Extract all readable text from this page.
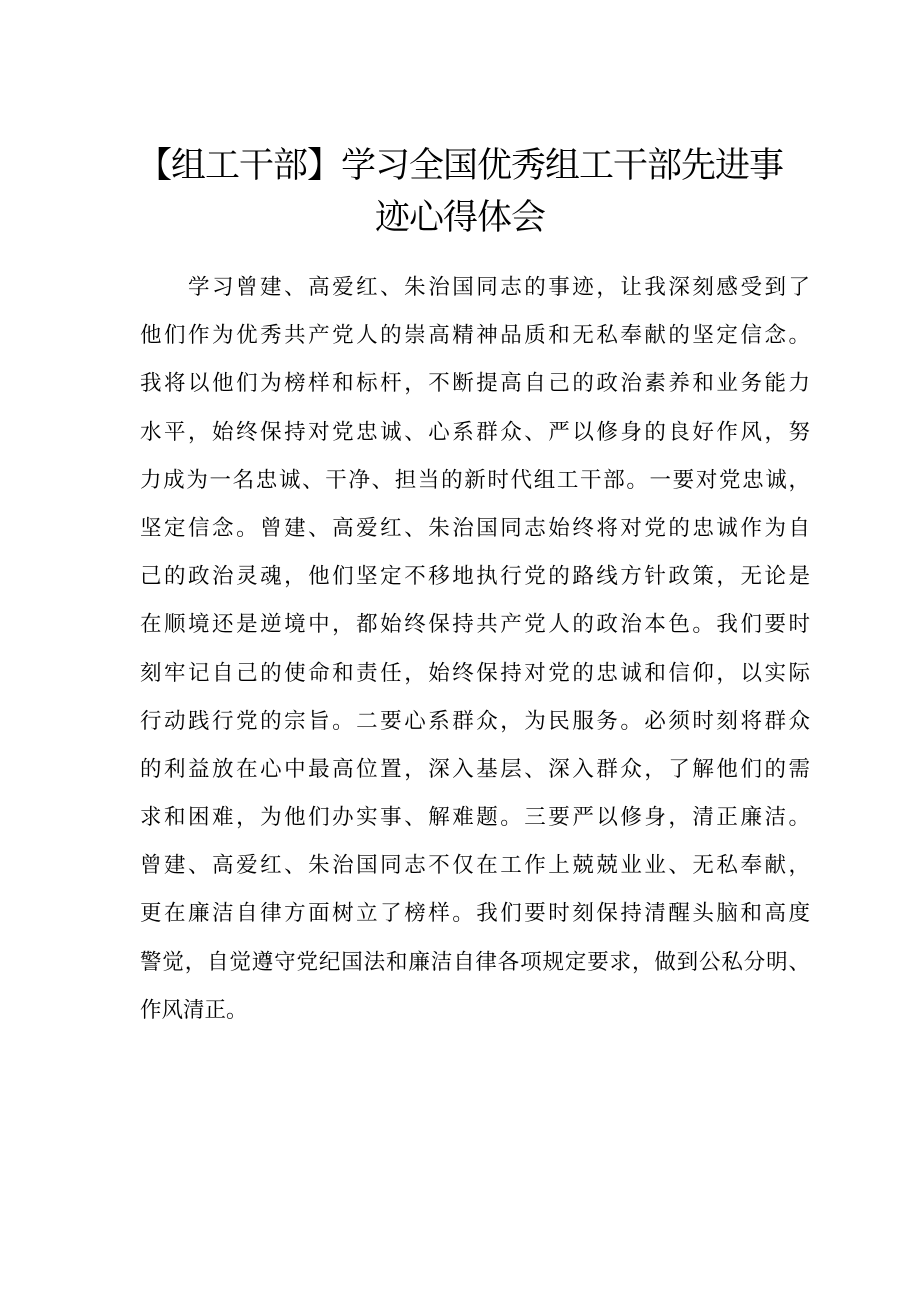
【组工干部】学习全国优秀组工干部先进事
迹心得体会
学习曾建、高爱红、朱治国同志的事迹，让我深刻感受到了
他们作为优秀共产党人的崇高精神品质和无私奉献的坚定信念。
我将以他们为榜样和标杆，不断提高自己的政治素养和业务能力
水平，始终保持对党忠诚、心系群众、严以修身的良好作风，努
力成为一名忠诚、干净、担当的新时代组工干部。一要对党忠诚，
坚定信念。曾建、高爱红、朱治国同志始终将对党的忠诚作为自
己的政治灵魂，他们坚定不移地执行党的路线方针政策，无论是
在顺境还是逆境中，都始终保持共产党人的政治本色。我们要时
刻牢记自己的使命和责任，始终保持对党的忠诚和信仰，以实际
行动践行党的宗旨。二要心系群众，为民服务。必须时刻将群众
的利益放在心中最高位置，深入基层、深入群众，了解他们的需
求和困难，为他们办实事、解难题。三要严以修身，清正廉洁。
曾建、高爱红、朱治国同志不仅在工作上兢兢业业、无私奉献，
更在廉洁自律方面树立了榜样。我们要时刻保持清醒头脑和高度
警觉，自觉遵守党纪国法和廉洁自律各项规定要求，做到公私分明、
作风清正。
